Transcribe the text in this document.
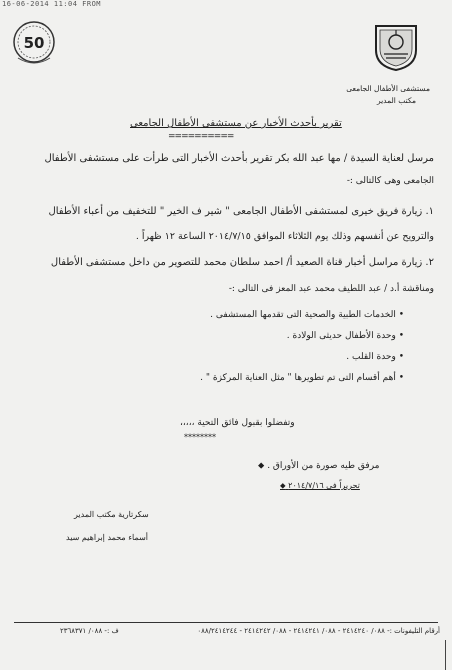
16-06-2014 11:04 FROM
50
مستشفى الأطفال الجامعى
مكتب المدير
تقرير بأحدث الأخبار عن مستشفى الأطفال الجامعى
==========
مرسل لعناية السيدة / مها عبد الله بكر تقرير بأحدث الأخبار التى طرأت على مستشفى الأطفال
الجامعى وهى كالتالى :-
١. زيارة فريق خيرى لمستشفى الأطفال الجامعى " شير ف الخير " للتخفيف من أعباء الأطفال
والترويح عن أنفسهم وذلك يوم الثلاثاء الموافق ٢٠١٤/٧/١٥ الساعة ١٢ ظهراً .
٢. زيارة مراسل أخبار قناة الصعيد أ/ احمد سلطان محمد للتصوير من داخل مستشفى الأطفال
ومناقشة أ.د / عبد اللطيف محمد عبد المعز فى التالى :-
• الخدمات الطبية والصحية التى تقدمها المستشفى .
• وحدة الأطفال حديثى الولادة .
• وحدة القلب .
• أهم أقسام التى تم تطويرها " مثل العناية المركزة " .
وتفضلوا بقبول فائق التحية ،،،،،
********
مرفق طيه صورة من الأوراق . ⬥
تحريراً فى ٢٠١٤/٧/١٦ ⬥
سكرتارية مكتب المدير
أسماء محمد إبراهيم سيد
أرقام التليفونات :- ٠٨٨/ ٢٤١٤٢٤٠ - ٠٨٨/ ٢٤١٤٢٤١ - ٠٨٨/ ٢٤١٤٢٤٢ - ٠٨٨/٢٤١٤٢٤٤
ف :- ٠٨٨/ ٢٣٦٨٣٧١
